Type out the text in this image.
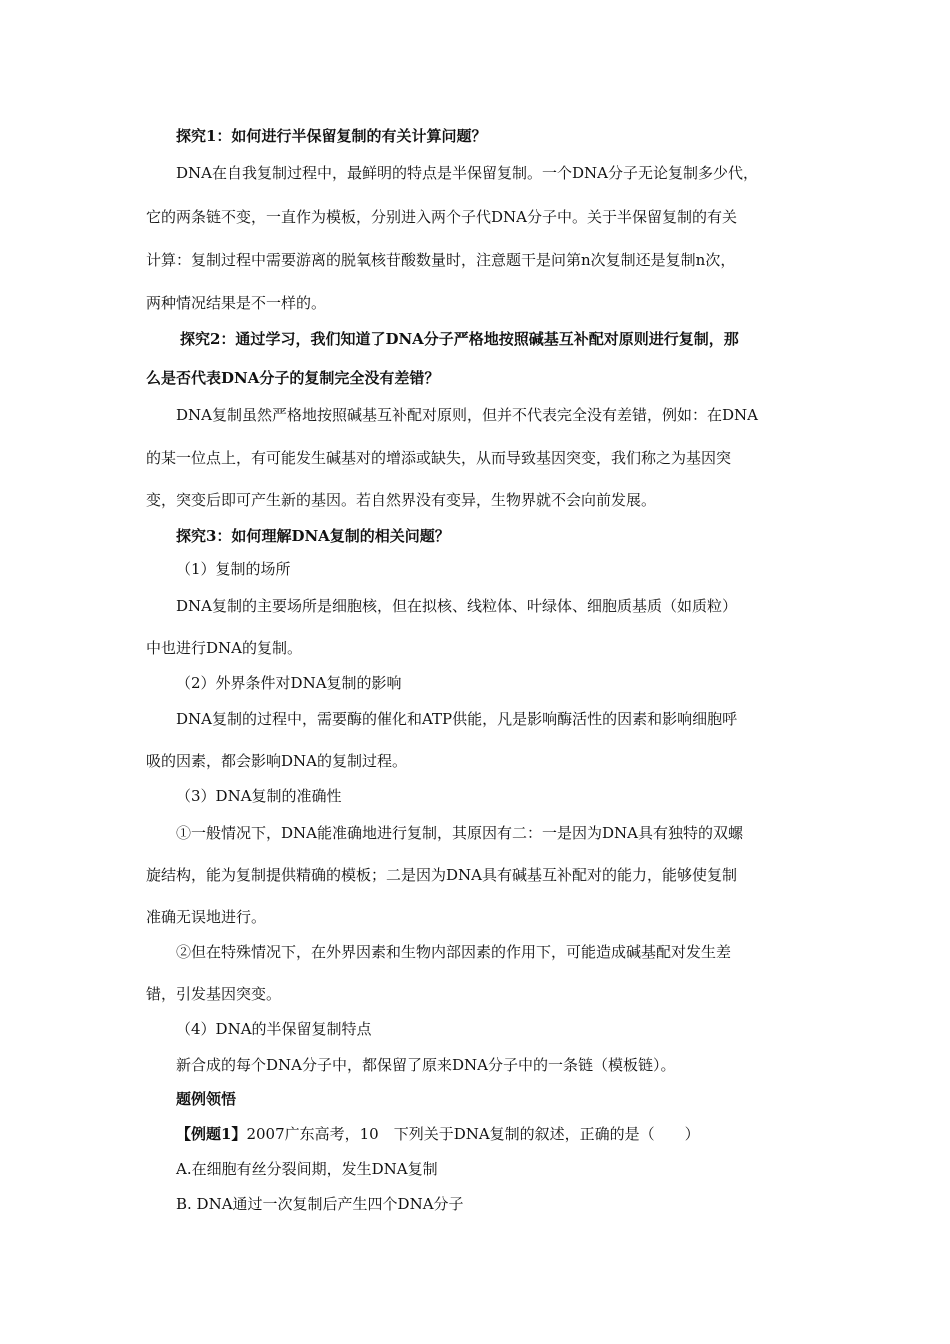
探究1：如何进行半保留复制的有关计算问题？
DNA在自我复制过程中，最鲜明的特点是半保留复制。一个DNA分子无论复制多少代，
它的两条链不变，一直作为模板，分别进入两个子代DNA分子中。关于半保留复制的有关
计算：复制过程中需要游离的脱氧核苷酸数量时，注意题干是问第n次复制还是复制n次，
两种情况结果是不一样的。
探究2：通过学习，我们知道了DNA分子严格地按照碱基互补配对原则进行复制，那
么是否代表DNA分子的复制完全没有差错？
DNA复制虽然严格地按照碱基互补配对原则，但并不代表完全没有差错，例如：在DNA
的某一位点上，有可能发生碱基对的增添或缺失，从而导致基因突变，我们称之为基因突
变，突变后即可产生新的基因。若自然界没有变异，生物界就不会向前发展。
探究3：如何理解DNA复制的相关问题？
（1）复制的场所
DNA复制的主要场所是细胞核，但在拟核、线粒体、叶绿体、细胞质基质（如质粒）
中也进行DNA的复制。
（2）外界条件对DNA复制的影响
DNA复制的过程中，需要酶的催化和ATP供能，凡是影响酶活性的因素和影响细胞呼
吸的因素，都会影响DNA的复制过程。
（3）DNA复制的准确性
①一般情况下，DNA能准确地进行复制，其原因有二：一是因为DNA具有独特的双螺
旋结构，能为复制提供精确的模板；二是因为DNA具有碱基互补配对的能力，能够使复制
准确无误地进行。
②但在特殊情况下，在外界因素和生物内部因素的作用下，可能造成碱基配对发生差
错，引发基因突变。
（4）DNA的半保留复制特点
新合成的每个DNA分子中，都保留了原来DNA分子中的一条链（模板链）。
题例领悟
【例题1】2007广东高考，10　下列关于DNA复制的叙述，正确的是（　　）
A.在细胞有丝分裂间期，发生DNA复制
B. DNA通过一次复制后产生四个DNA分子
